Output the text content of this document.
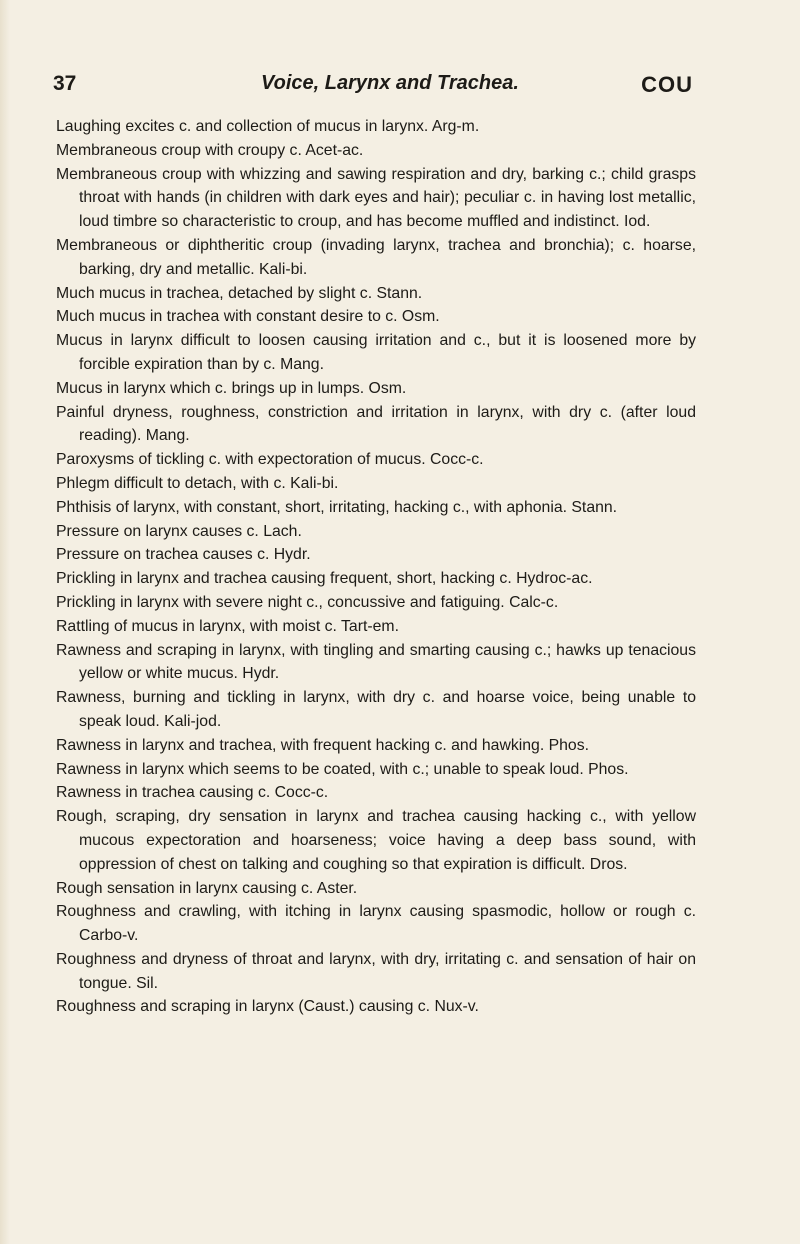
37	Voice, Larynx and Trachea.	COU
Laughing excites c. and collection of mucus in larynx. Arg-m.
Membraneous croup with croupy c. Acet-ac.
Membraneous croup with whizzing and sawing respiration and dry, barking c.; child grasps throat with hands (in children with dark eyes and hair); peculiar c. in having lost metallic, loud timbre so characteristic to croup, and has become muffled and indistinct. Iod.
Membraneous or diphtheritic croup (invading larynx, trachea and bronchia); c. hoarse, barking, dry and metallic. Kali-bi.
Much mucus in trachea, detached by slight c. Stann.
Much mucus in trachea with constant desire to c. Osm.
Mucus in larynx difficult to loosen causing irritation and c., but it is loosened more by forcible expiration than by c. Mang.
Mucus in larynx which c. brings up in lumps. Osm.
Painful dryness, roughness, constriction and irritation in larynx, with dry c. (after loud reading). Mang.
Paroxysms of tickling c. with expectoration of mucus. Cocc-c.
Phlegm difficult to detach, with c. Kali-bi.
Phthisis of larynx, with constant, short, irritating, hacking c., with aphonia. Stann.
Pressure on larynx causes c. Lach.
Pressure on trachea causes c. Hydr.
Prickling in larynx and trachea causing frequent, short, hacking c. Hydroc-ac.
Prickling in larynx with severe night c., concussive and fatiguing. Calc-c.
Rattling of mucus in larynx, with moist c. Tart-em.
Rawness and scraping in larynx, with tingling and smarting causing c.; hawks up tenacious yellow or white mucus. Hydr.
Rawness, burning and tickling in larynx, with dry c. and hoarse voice, being unable to speak loud. Kali-jod.
Rawness in larynx and trachea, with frequent hacking c. and hawking. Phos.
Rawness in larynx which seems to be coated, with c.; unable to speak loud. Phos.
Rawness in trachea causing c. Cocc-c.
Rough, scraping, dry sensation in larynx and trachea causing hacking c., with yellow mucous expectoration and hoarseness; voice having a deep bass sound, with oppression of chest on talking and coughing so that expiration is difficult. Dros.
Rough sensation in larynx causing c. Aster.
Roughness and crawling, with itching in larynx causing spasmodic, hollow or rough c. Carbo-v.
Roughness and dryness of throat and larynx, with dry, irritating c. and sensation of hair on tongue. Sil.
Roughness and scraping in larynx (Caust.) causing c. Nux-v.
